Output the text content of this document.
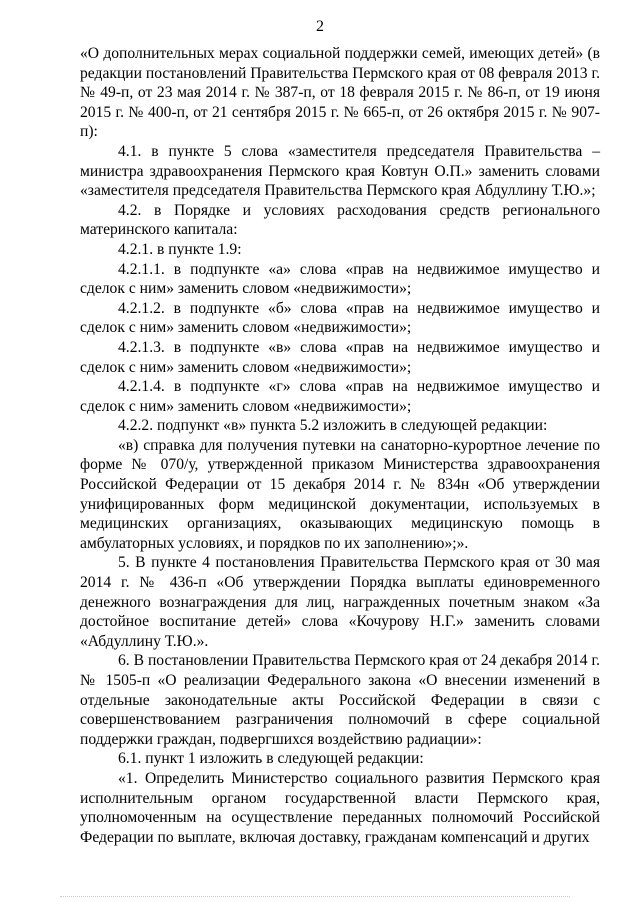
2

«О дополнительных мерах социальной поддержки семей, имеющих детей» (в редакции постановлений Правительства Пермского края от 08 февраля 2013 г. № 49-п, от 23 мая 2014 г. № 387-п, от 18 февраля 2015 г. № 86-п, от 19 июня 2015 г. № 400-п, от 21 сентября 2015 г. № 665-п, от 26 октября 2015 г. № 907-п):

4.1. в пункте 5 слова «заместителя председателя Правительства – министра здравоохранения Пермского края Ковтун О.П.» заменить словами «заместителя председателя Правительства Пермского края Абдуллину Т.Ю.»;

4.2. в Порядке и условиях расходования средств регионального материнского капитала:

4.2.1. в пункте 1.9:

4.2.1.1. в подпункте «а» слова «прав на недвижимое имущество и сделок с ним» заменить словом «недвижимости»;

4.2.1.2. в подпункте «б» слова «прав на недвижимое имущество и сделок с ним» заменить словом «недвижимости»;

4.2.1.3. в подпункте «в» слова «прав на недвижимое имущество и сделок с ним» заменить словом «недвижимости»;

4.2.1.4. в подпункте «г» слова «прав на недвижимое имущество и сделок с ним» заменить словом «недвижимости»;

4.2.2. подпункт «в» пункта 5.2 изложить в следующей редакции:

«в) справка для получения путевки на санаторно-курортное лечение по форме № 070/у, утвержденной приказом Министерства здравоохранения Российской Федерации от 15 декабря 2014 г. № 834н «Об утверждении унифицированных форм медицинской документации, используемых в медицинских организациях, оказывающих медицинскую помощь в амбулаторных условиях, и порядков по их заполнению»;».

5. В пункте 4 постановления Правительства Пермского края от 30 мая 2014 г. № 436-п «Об утверждении Порядка выплаты единовременного денежного вознаграждения для лиц, награжденных почетным знаком «За достойное воспитание детей» слова «Кочурову Н.Г.» заменить словами «Абдуллину Т.Ю.».

6. В постановлении Правительства Пермского края от 24 декабря 2014 г. № 1505-п «О реализации Федерального закона «О внесении изменений в отдельные законодательные акты Российской Федерации в связи с совершенствованием разграничения полномочий в сфере социальной поддержки граждан, подвергшихся воздействию радиации»:

6.1. пункт 1 изложить в следующей редакции:

«1. Определить Министерство социального развития Пермского края исполнительным органом государственной власти Пермского края, уполномоченным на осуществление переданных полномочий Российской Федерации по выплате, включая доставку, гражданам компенсаций и других
